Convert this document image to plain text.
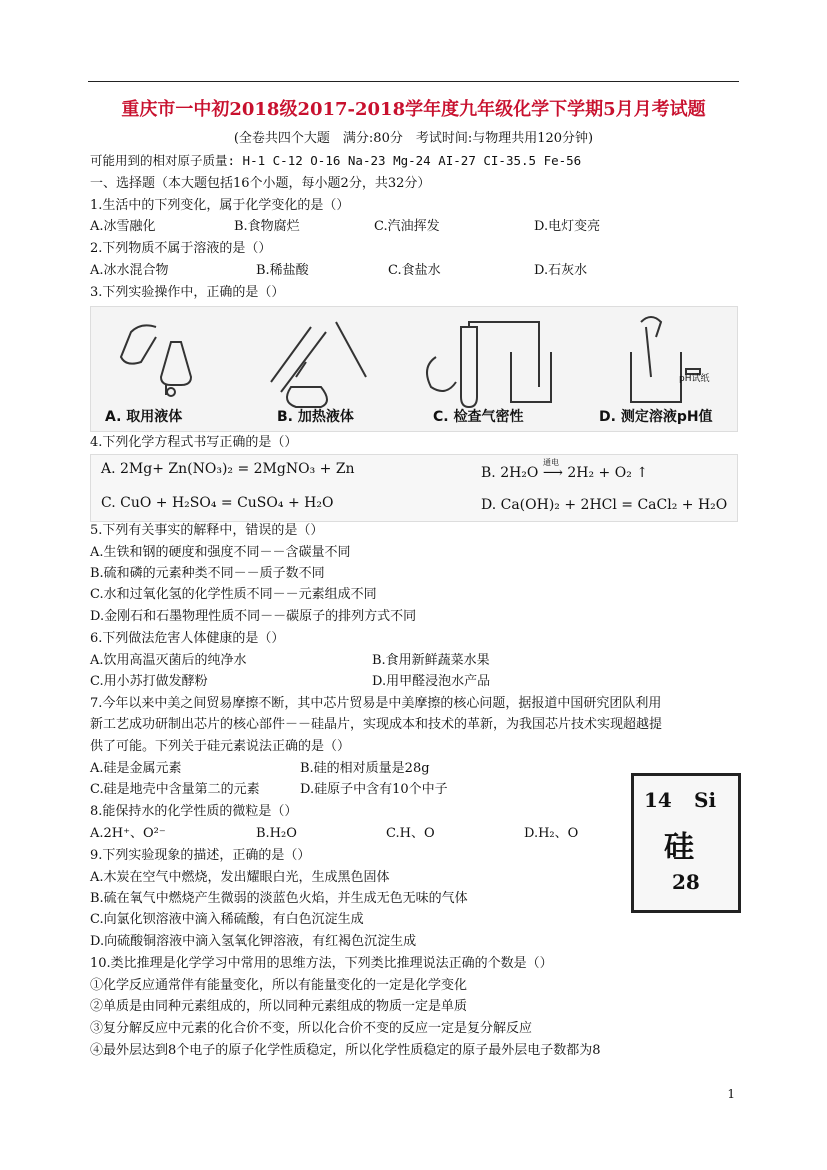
重庆市一中初2018级2017-2018学年度九年级化学下学期5月月考试题
(全卷共四个大题　满分:80分　考试时间:与物理共用120分钟)
可能用到的相对原子质量: H-1 C-12 O-16 Na-23 Mg-24 AI-27 CI-35.5 Fe-56
一、选择题（本大题包括16个小题，每小题2分，共32分）
1.生活中的下列变化，属于化学变化的是（）
A.冰雪融化	B.食物腐烂	C.汽油挥发	D.电灯变亮
2.下列物质不属于溶液的是（）
A.冰水混合物	B.稀盐酸	C.食盐水	D.石灰水
3.下列实验操作中，正确的是（）
A. 取用液体	B. 加热液体	C. 检查气密性	D. 测定溶液pH值
pH试纸
4.下列化学方程式书写正确的是（）
A. 2Mg+ Zn(NO₃)₂ = 2MgNO₃ + Zn	B. 2H₂O ⟶ 2H₂ + O₂ ↑
通电
C. CuO + H₂SO₄ = CuSO₄ + H₂O	D. Ca(OH)₂ + 2HCl = CaCl₂ + H₂O
5.下列有关事实的解释中，错误的是（）
A.生铁和钢的硬度和强度不同－－含碳量不同
B.硫和磷的元素种类不同－－质子数不同
C.水和过氧化氢的化学性质不同－－元素组成不同
D.金刚石和石墨物理性质不同－－碳原子的排列方式不同
6.下列做法危害人体健康的是（）
A.饮用高温灭菌后的纯净水	B.食用新鲜蔬菜水果
C.用小苏打做发酵粉	D.用甲醛浸泡水产品
7.今年以来中美之间贸易摩擦不断，其中芯片贸易是中美摩擦的核心问题，据报道中国研究团队利用
新工艺成功研制出芯片的核心部件－－硅晶片，实现成本和技术的革新，为我国芯片技术实现超越提
供了可能。下列关于硅元素说法正确的是（）
A.硅是金属元素	B.硅的相对质量是28g
C.硅是地壳中含量第二的元素	D.硅原子中含有10个中子	14 Si
硅
28
8.能保持水的化学性质的微粒是（）
A.2H⁺、O²⁻	B.H₂O	C.H、O	D.H₂、O
9.下列实验现象的描述，正确的是（）
A.木炭在空气中燃烧，发出耀眼白光，生成黑色固体
B.硫在氧气中燃烧产生微弱的淡蓝色火焰，并生成无色无味的气体
C.向氯化钡溶液中滴入稀硫酸，有白色沉淀生成
D.向硫酸铜溶液中滴入氢氧化钾溶液，有红褐色沉淀生成
10.类比推理是化学学习中常用的思维方法，下列类比推理说法正确的个数是（）
①化学反应通常伴有能量变化，所以有能量变化的一定是化学变化
②单质是由同种元素组成的，所以同种元素组成的物质一定是单质
③复分解反应中元素的化合价不变，所以化合价不变的反应一定是复分解反应
④最外层达到8个电子的原子化学性质稳定，所以化学性质稳定的原子最外层电子数都为8
1
